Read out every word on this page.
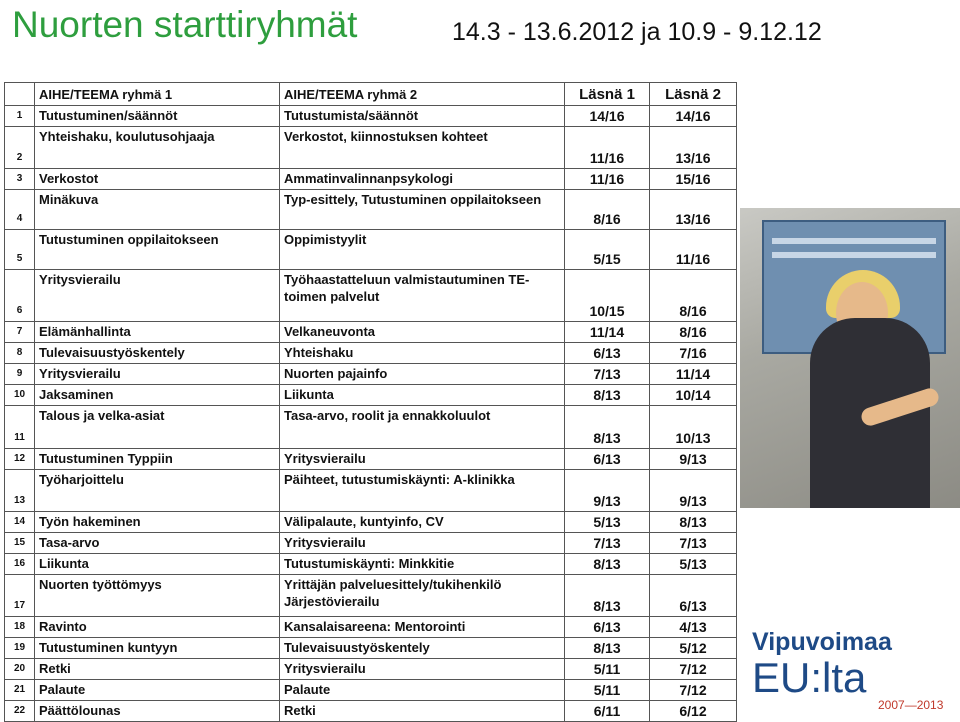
Nuorten starttiryhmät	14.3 - 13.6.2012 ja 10.9 - 9.12.12
	AIHE/TEEMA ryhmä 1	AIHE/TEEMA ryhmä 2	Läsnä 1	Läsnä 2
1	Tutustuminen/säännöt	Tutustumista/säännöt	14/16	14/16
2	Yhteishaku, koulutusohjaaja	Verkostot, kiinnostuksen kohteet	11/16	13/16
3	Verkostot	Ammatinvalinnanpsykologi	11/16	15/16
4	Minäkuva	Typ-esittely, Tutustuminen oppilaitokseen	8/16	13/16
5	Tutustuminen oppilaitokseen	Oppimistyylit	5/15	11/16
6	Yritysvierailu	Työhaastatteluun valmistautuminen TE-toimen palvelut	10/15	8/16
7	Elämänhallinta	Velkaneuvonta	11/14	8/16
8	Tulevaisuustyöskentely	Yhteishaku	6/13	7/16
9	Yritysvierailu	Nuorten pajainfo	7/13	11/14
10	Jaksaminen	Liikunta	8/13	10/14
11	Talous ja velka-asiat	Tasa-arvo, roolit ja ennakkoluulot	8/13	10/13
12	Tutustuminen Typpiin	Yritysvierailu	6/13	9/13
13	Työharjoittelu	Päihteet, tutustumiskäynti: A-klinikka	9/13	9/13
14	Työn hakeminen	Välipalaute, kuntyinfo, CV	5/13	8/13
15	Tasa-arvo	Yritysvierailu	7/13	7/13
16	Liikunta	Tutustumiskäynti: Minkkitie	8/13	5/13
17	Nuorten työttömyys	Yrittäjän palveluesittely/tukihenkilö Järjestövierailu	8/13	6/13
18	Ravinto	Kansalaisareena: Mentorointi	6/13	4/13
19	Tutustuminen kuntyyn	Tulevaisuustyöskentely	8/13	5/12
20	Retki	Yritysvierailu	5/11	7/12
21	Palaute	Palaute	5/11	7/12
22	Päättölounas	Retki	6/11	6/12
Vipuvoimaa
EU:lta
2007—2013
